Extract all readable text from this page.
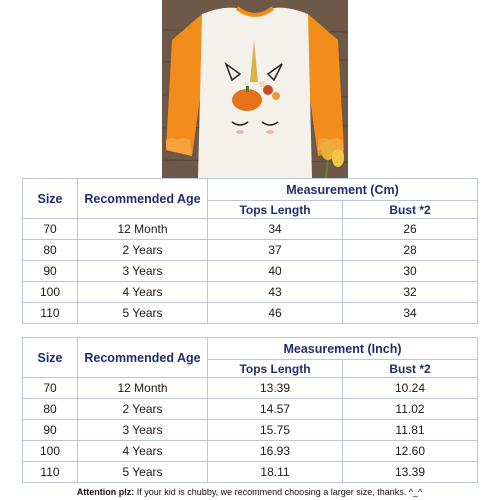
Size	Recommended Age	Measurement (Cm)	
		Tops Length	Bust *2
70	12 Month	34	26
80	2 Years	37	28
90	3 Years	40	30
100	4 Years	43	32
110	5 Years	46	34
Size	Recommended Age	Measurement (Inch)	
		Tops Length	Bust *2
70	12 Month	13.39	10.24
80	2 Years	14.57	11.02
90	3 Years	15.75	11.81
100	4 Years	16.93	12.60
110	5 Years	18.11	13.39
Attention plz: If your kid is chubby, we recommend choosing a larger size, thanks. ^_^
